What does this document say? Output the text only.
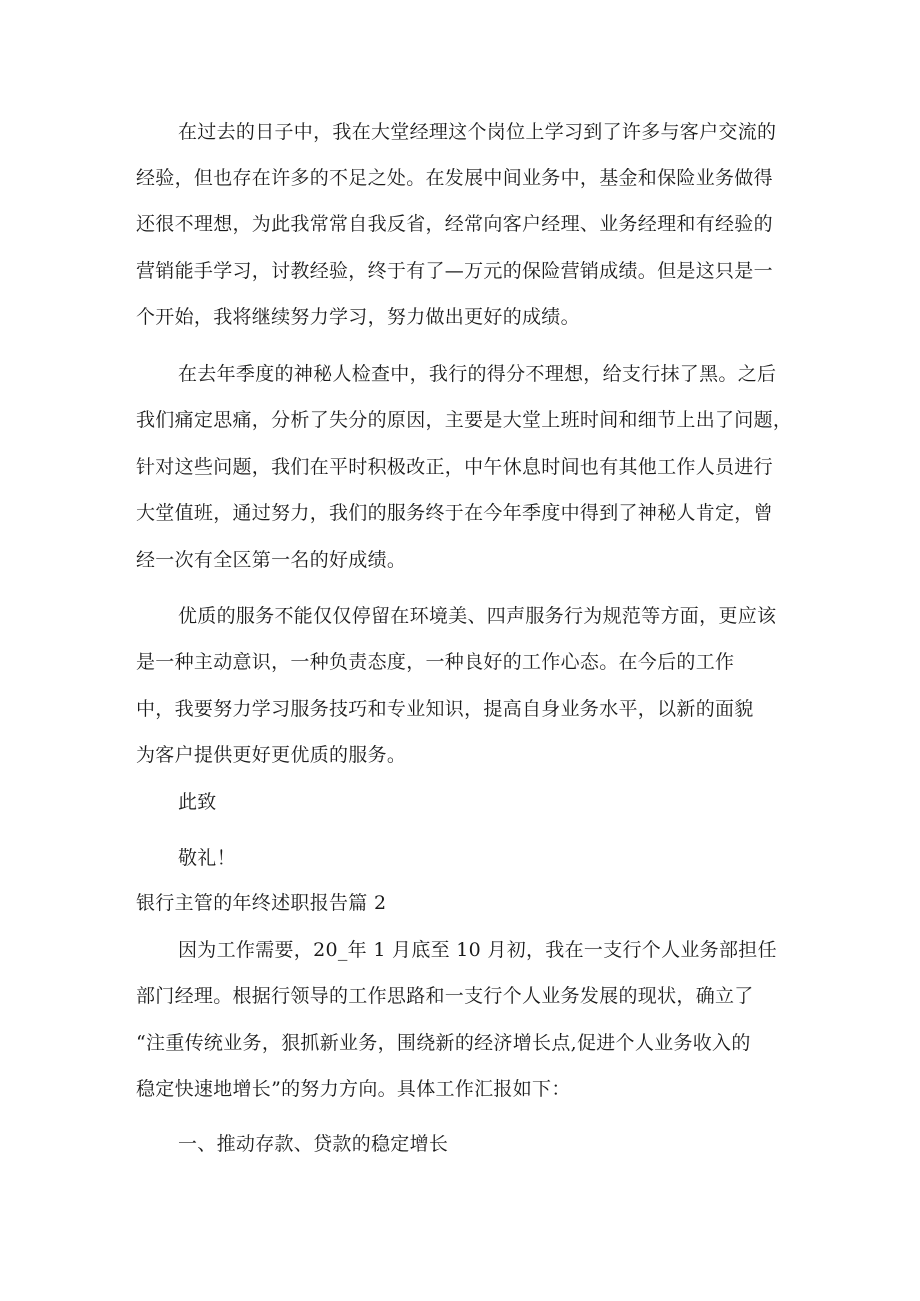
在过去的日子中，我在大堂经理这个岗位上学习到了许多与客户交流的
经验，但也存在许多的不足之处。在发展中间业务中，基金和保险业务做得
还很不理想，为此我常常自我反省，经常向客户经理、业务经理和有经验的
营销能手学习，讨教经验，终于有了—万元的保险营销成绩。但是这只是一
个开始，我将继续努力学习，努力做出更好的成绩。
在去年季度的神秘人检查中，我行的得分不理想，给支行抹了黑。之后
我们痛定思痛，分析了失分的原因，主要是大堂上班时间和细节上出了问题，
针对这些问题，我们在平时积极改正，中午休息时间也有其他工作人员进行
大堂值班，通过努力，我们的服务终于在今年季度中得到了神秘人肯定，曾
经一次有全区第一名的好成绩。
优质的服务不能仅仅停留在环境美、四声服务行为规范等方面，更应该
是一种主动意识，一种负责态度，一种良好的工作心态。在今后的工作
中，我要努力学习服务技巧和专业知识，提高自身业务水平，以新的面貌
为客户提供更好更优质的服务。
此致
敬礼！
银行主管的年终述职报告篇 2
因为工作需要，20_年 1 月底至 10 月初，我在一支行个人业务部担任
部门经理。根据行领导的工作思路和一支行个人业务发展的现状，确立了
“注重传统业务，狠抓新业务，围绕新的经济增长点,促进个人业务收入的
稳定快速地增长”的努力方向。具体工作汇报如下：
一、推动存款、贷款的稳定增长
